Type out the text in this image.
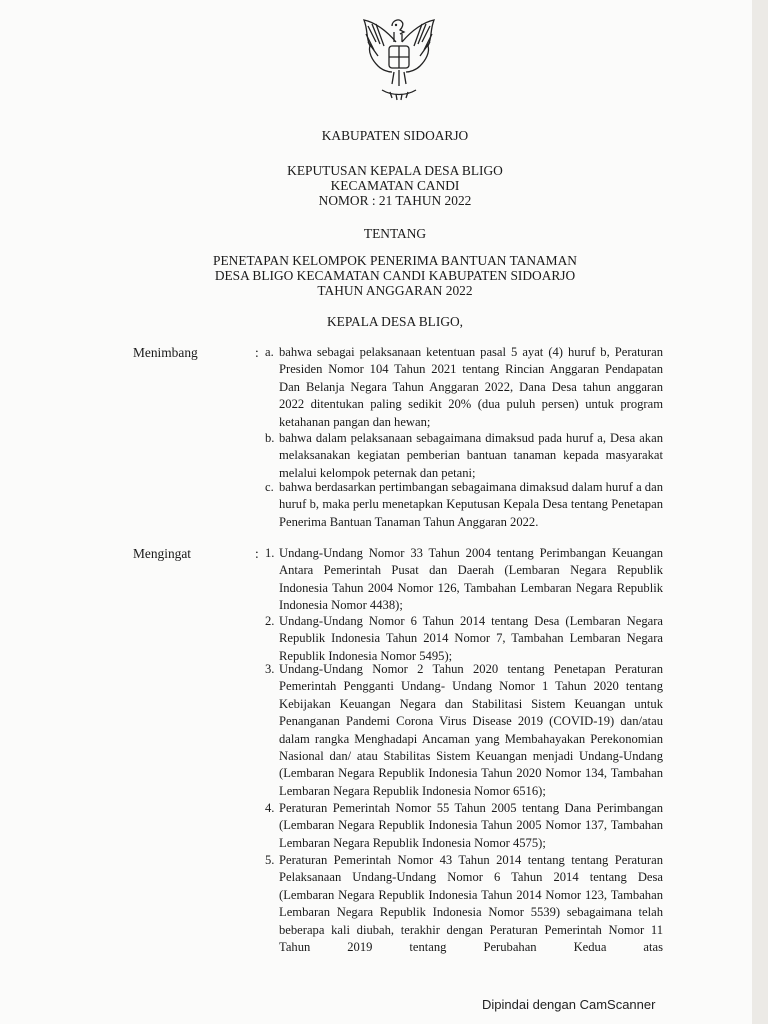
KABUPATEN SIDOARJO
KEPUTUSAN KEPALA DESA BLIGO
KECAMATAN CANDI
NOMOR : 21 TAHUN 2022
TENTANG
PENETAPAN KELOMPOK PENERIMA BANTUAN TANAMAN
DESA BLIGO KECAMATAN CANDI KABUPATEN SIDOARJO
TAHUN ANGGARAN 2022
KEPALA DESA BLIGO,
Menimbang	: a. bahwa sebagai pelaksanaan ketentuan pasal 5 ayat (4) huruf b, Peraturan Presiden Nomor 104 Tahun 2021 tentang Rincian Anggaran Pendapatan Dan Belanja Negara Tahun Anggaran 2022, Dana Desa tahun anggaran 2022 ditentukan paling sedikit 20% (dua puluh persen) untuk program ketahanan pangan dan hewan;
b. bahwa dalam pelaksanaan sebagaimana dimaksud pada huruf a, Desa akan melaksanakan kegiatan pemberian bantuan tanaman kepada masyarakat melalui kelompok peternak dan petani;
c. bahwa berdasarkan pertimbangan sebagaimana dimaksud dalam huruf a dan huruf b, maka perlu menetapkan Keputusan Kepala Desa tentang Penetapan Penerima Bantuan Tanaman Tahun Anggaran 2022.
Mengingat	: 1. Undang-Undang Nomor 33 Tahun 2004 tentang Perimbangan Keuangan Antara Pemerintah Pusat dan Daerah (Lembaran Negara Republik Indonesia Tahun 2004 Nomor 126, Tambahan Lembaran Negara Republik Indonesia Nomor 4438);
2. Undang-Undang Nomor 6 Tahun 2014 tentang Desa (Lembaran Negara Republik Indonesia Tahun 2014 Nomor 7, Tambahan Lembaran Negara Republik Indonesia Nomor 5495);
3. Undang-Undang Nomor 2 Tahun 2020 tentang Penetapan Peraturan Pemerintah Pengganti Undang- Undang Nomor 1 Tahun 2020 tentang Kebijakan Keuangan Negara dan Stabilitasi Sistem Keuangan untuk Penanganan Pandemi Corona Virus Disease 2019 (COVID-19) dan/atau dalam rangka Menghadapi Ancaman yang Membahayakan Perekonomian Nasional dan/ atau Stabilitas Sistem Keuangan menjadi Undang-Undang (Lembaran Negara Republik Indonesia Tahun 2020 Nomor 134, Tambahan Lembaran Negara Republik Indonesia Nomor 6516);
4. Peraturan Pemerintah Nomor 55 Tahun 2005 tentang Dana Perimbangan (Lembaran Negara Republik Indonesia Tahun 2005 Nomor 137, Tambahan Lembaran Negara Republik Indonesia Nomor 4575);
5. Peraturan Pemerintah Nomor 43 Tahun 2014 tentang tentang Peraturan Pelaksanaan Undang-Undang Nomor 6 Tahun 2014 tentang Desa (Lembaran Negara Republik Indonesia Tahun 2014 Nomor 123, Tambahan Lembaran Negara Republik Indonesia Nomor 5539) sebagaimana telah beberapa kali diubah, terakhir dengan Peraturan Pemerintah Nomor 11 Tahun 2019 tentang Perubahan Kedua atas
Dipindai dengan CamScanner
